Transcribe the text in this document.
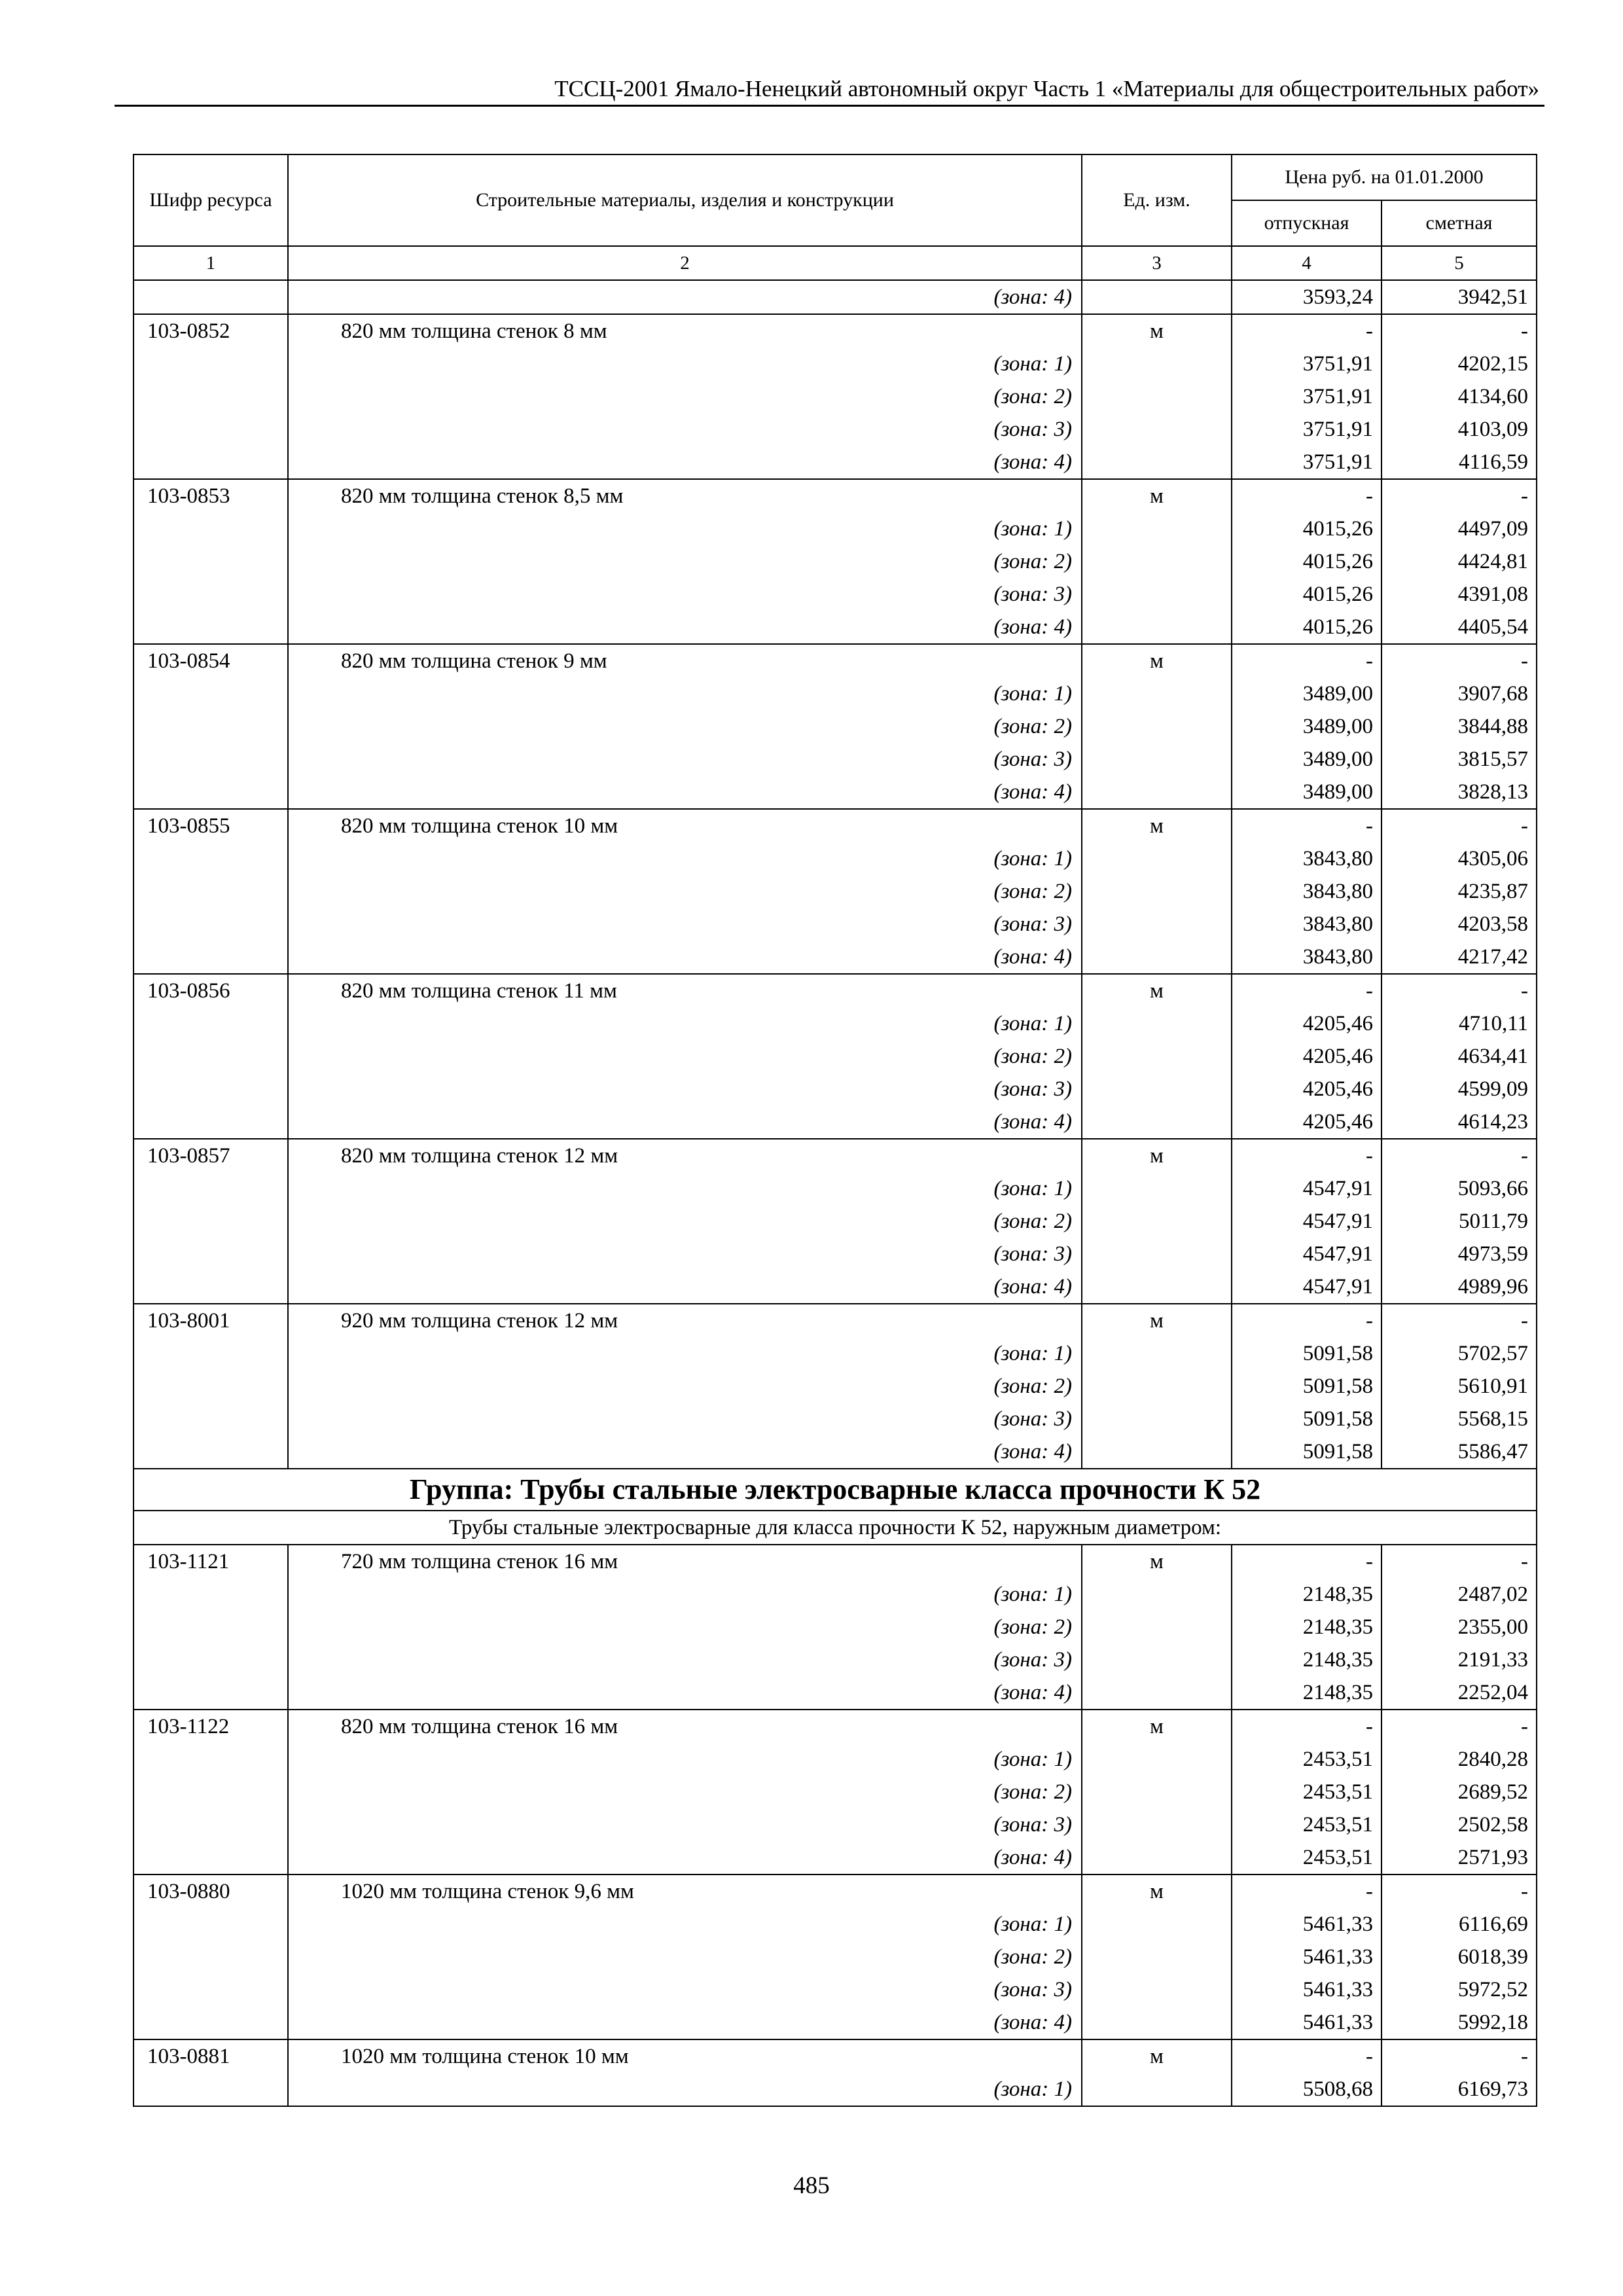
ТССЦ-2001 Ямало-Ненецкий автономный округ Часть 1 «Материалы для общестроительных работ»
Шифр ресурса	Строительные материалы, изделия и конструкции	Ед. изм.	Цена руб. на 01.01.2000	
			отпускная	сметная
1	2	3	4	5
	(зона: 4)		3593,24	3942,51
103-0852	820 мм толщина стенок 8 мм	м	-	-
	(зона: 1)		3751,91	4202,15
	(зона: 2)		3751,91	4134,60
	(зона: 3)		3751,91	4103,09
	(зона: 4)		3751,91	4116,59
103-0853	820 мм толщина стенок 8,5 мм	м	-	-
	(зона: 1)		4015,26	4497,09
	(зона: 2)		4015,26	4424,81
	(зона: 3)		4015,26	4391,08
	(зона: 4)		4015,26	4405,54
103-0854	820 мм толщина стенок 9 мм	м	-	-
	(зона: 1)		3489,00	3907,68
	(зона: 2)		3489,00	3844,88
	(зона: 3)		3489,00	3815,57
	(зона: 4)		3489,00	3828,13
103-0855	820 мм толщина стенок 10 мм	м	-	-
	(зона: 1)		3843,80	4305,06
	(зона: 2)		3843,80	4235,87
	(зона: 3)		3843,80	4203,58
	(зона: 4)		3843,80	4217,42
103-0856	820 мм толщина стенок 11 мм	м	-	-
	(зона: 1)		4205,46	4710,11
	(зона: 2)		4205,46	4634,41
	(зона: 3)		4205,46	4599,09
	(зона: 4)		4205,46	4614,23
103-0857	820 мм толщина стенок 12 мм	м	-	-
	(зона: 1)		4547,91	5093,66
	(зона: 2)		4547,91	5011,79
	(зона: 3)		4547,91	4973,59
	(зона: 4)		4547,91	4989,96
103-8001	920 мм толщина стенок 12 мм	м	-	-
	(зона: 1)		5091,58	5702,57
	(зона: 2)		5091,58	5610,91
	(зона: 3)		5091,58	5568,15
	(зона: 4)		5091,58	5586,47
Группа: Трубы стальные электросварные класса прочности К 52				
Трубы стальные электросварные для класса прочности К 52, наружным диаметром:				
103-1121	720 мм толщина стенок 16 мм	м	-	-
	(зона: 1)		2148,35	2487,02
	(зона: 2)		2148,35	2355,00
	(зона: 3)		2148,35	2191,33
	(зона: 4)		2148,35	2252,04
103-1122	820 мм толщина стенок 16 мм	м	-	-
	(зона: 1)		2453,51	2840,28
	(зона: 2)		2453,51	2689,52
	(зона: 3)		2453,51	2502,58
	(зона: 4)		2453,51	2571,93
103-0880	1020 мм толщина стенок 9,6 мм	м	-	-
	(зона: 1)		5461,33	6116,69
	(зона: 2)		5461,33	6018,39
	(зона: 3)		5461,33	5972,52
	(зона: 4)		5461,33	5992,18
103-0881	1020 мм толщина стенок 10 мм	м	-	-
	(зона: 1)		5508,68	6169,73
485
